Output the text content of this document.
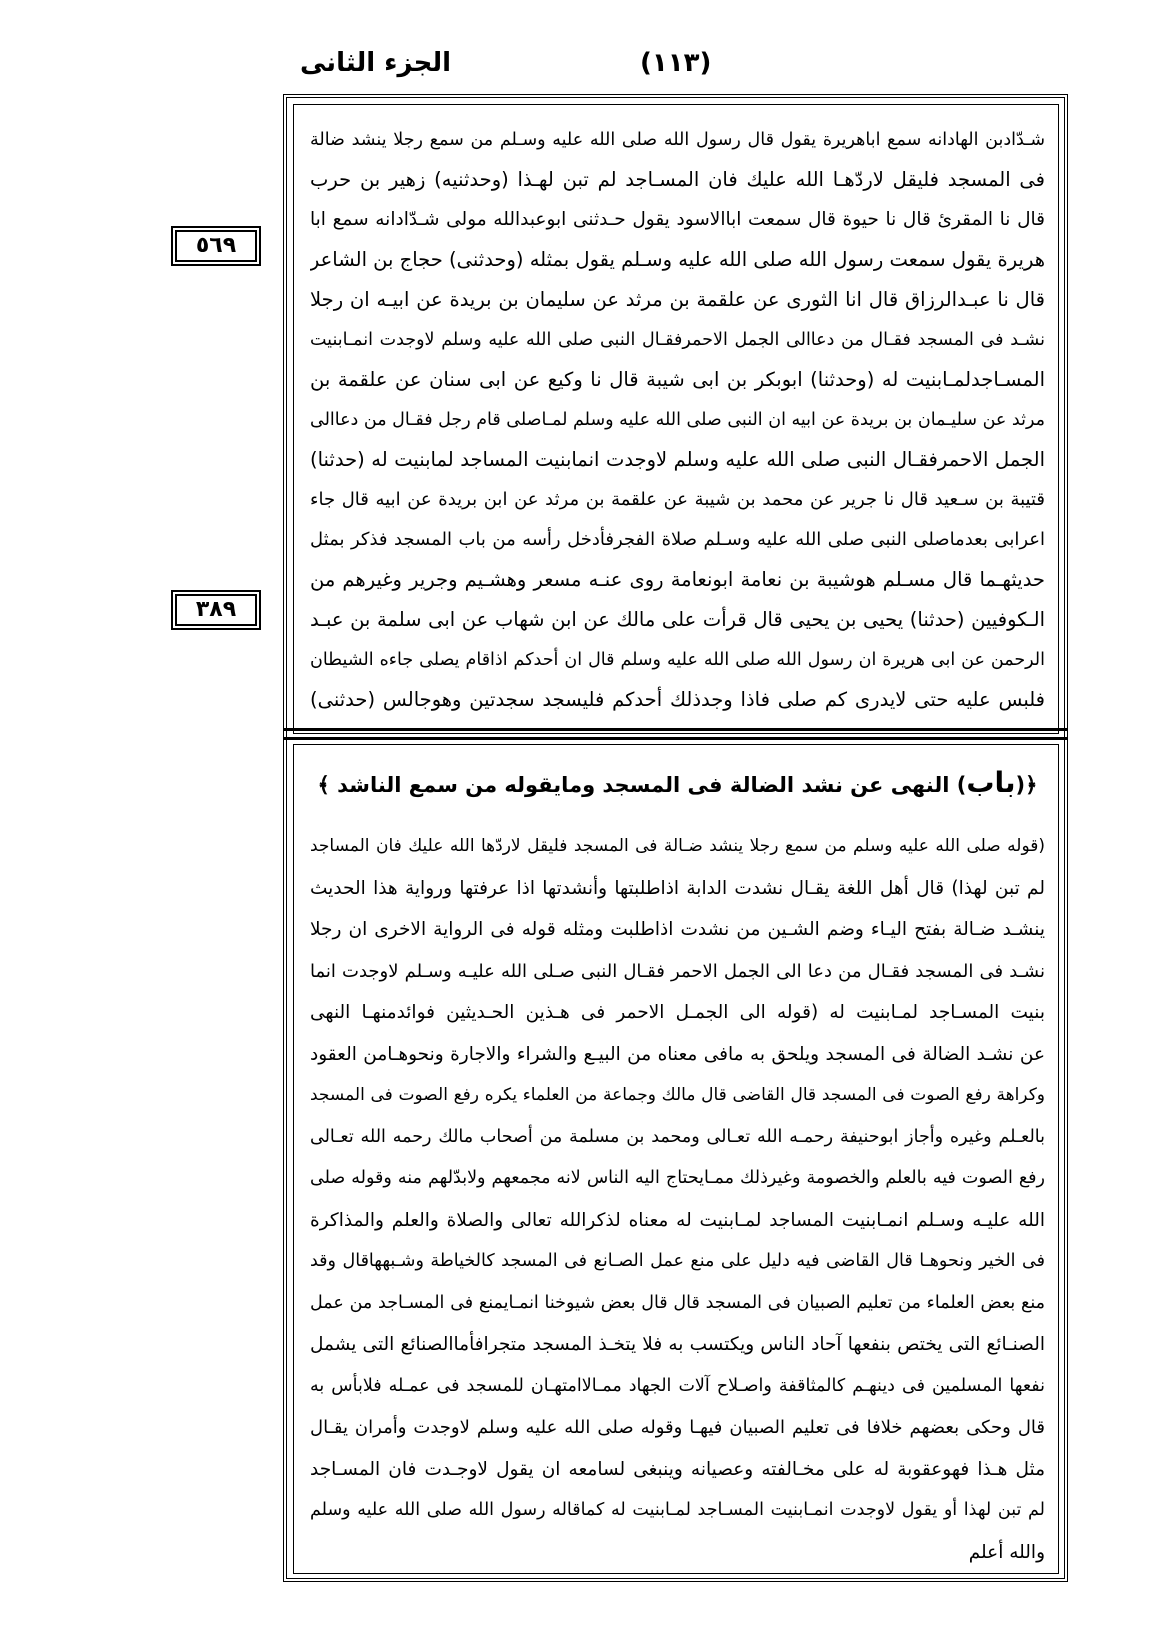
الجزء الثانی	(١١٣)
٥٦٩
٣٨٩
شـدّادبن الهادانه سمع اباهريرة يقول قال رسول الله صلى الله عليه وسـلم من سمع رجلا ينشد ضالة
فى المسجد فليقل لاردّهـا الله عليك فان المسـاجد لم تبن لهـذا (وحدثنيه) زهير بن حرب
قال نا المقرئ قال نا حيوة قال سمعت اباالاسود يقول حـدثنى ابوعبدالله مولى شـدّادانه سمع ابا
هريرة يقول سمعت رسول الله صلى الله عليه وسـلم يقول بمثله (وحدثنى) حجاج بن الشاعر
قال نا عبـدالرزاق قال انا الثورى عن علقمة بن مرثد عن سليمان بن بريدة عن ابيـه ان رجلا
نشـد فى المسجد فقـال من دعاالى الجمل الاحمرفقـال النبى صلى الله عليه وسلم لاوجدت انمـابنيت
المسـاجدلمـابنيت له (وحدثنا) ابوبكر بن ابى شيبة قال نا وكيع عن ابى سنان عن علقمة بن
مرثد عن سليـمان بن بريدة عن ابيه ان النبى صلى الله عليه وسلم لمـاصلى قام رجل فقـال من دعاالى
الجمل الاحمرفقـال النبى صلى الله عليه وسلم لاوجدت انمابنيت المساجد لمابنيت له (حدثنا)
قتيبة بن سـعيد قال نا جرير عن محمد بن شيبة عن علقمة بن مرثد عن ابن بريدة عن ابيه قال جاء
اعرابى بعدماصلى النبى صلى الله عليه وسـلم صلاة الفجرفأدخل رأسه من باب المسجد فذكر بمثل
حديثهـما قال مسـلم هوشيبة بن نعامة ابونعامة روى عنـه مسعر وهشـيم وجرير وغيرهم من
الـكوفيين (حدثنا) يحيى بن يحيى قال قرأت على مالك عن ابن شهاب عن ابى سلمة بن عبـد
الرحمن عن ابى هريرة ان رسول الله صلى الله عليه وسلم قال ان أحدكم اذاقام يصلى جاءه الشيطان
فلبس عليه حتى لايدرى كم صلى فاذا وجدذلك أحدكم فليسجد سجدتين وهوجالس (حدثنى)
﴿(باب) النهى عن نشد الضالة فى المسجد ومايقوله من سمع الناشد ﴾
(قوله صلى الله عليه وسلم من سمع رجلا ينشد ضـالة فى المسجد فليقل لاردّها الله عليك فان المساجد
لم تبن لهذا) قال أهل اللغة يقـال نشدت الدابة اذاطلبتها وأنشدتها اذا عرفتها ورواية هذا الحديث
ينشـد ضـالة بفتح اليـاء وضم الشـين من نشدت اذاطلبت ومثله قوله فى الرواية الاخرى ان رجلا
نشـد فى المسجد فقـال من دعا الى الجمل الاحمر فقـال النبى صـلى الله عليـه وسـلم لاوجدت انما
بنيت المسـاجد لمـابنيت له (قوله الى الجمـل الاحمر فى هـذين الحـديثين فوائدمنهـا النهى
عن نشـد الضالة فى المسجد ويلحق به مافى معناه من البيـع والشراء والاجارة ونحوهـامن العقود
وكراهة رفع الصوت فى المسجد قال القاضى قال مالك وجماعة من العلماء يكره رفع الصوت فى المسجد
بالعـلم وغيره وأجاز ابوحنيفة رحمـه الله تعـالى ومحمد بن مسلمة من أصحاب مالك رحمه الله تعـالى
رفع الصوت فيه بالعلم والخصومة وغيرذلك ممـايحتاج اليه الناس لانه مجمعهم ولابدّلهم منه وقوله صلى
الله عليـه وسـلم انمـابنيت المساجد لمـابنيت له معناه لذكرالله تعالى والصلاة والعلم والمذاكرة
فى الخير ونحوهـا قال القاضى فيه دليل على منع عمل الصـانع فى المسجد كالخياطة وشـبههاقال وقد
منع بعض العلماء من تعليم الصبيان فى المسجد قال قال بعض شيوخنا انمـايمنع فى المسـاجد من عمل
الصنـائع التى يختص بنفعها آحاد الناس ويكتسب به فلا يتخـذ المسجد متجرافأماالصنائع التى يشمل
نفعها المسلمين فى دينهـم كالمثاقفة واصـلاح آلات الجهاد ممـالاامتهـان للمسجد فى عمـله فلابأس به
قال وحكى بعضهم خلافا فى تعليم الصبيان فيهـا وقوله صلى الله عليه وسلم لاوجدت وأمران يقـال
مثل هـذا فهوعقوبة له على مخـالفته وعصيانه وينبغى لسامعه ان يقول لاوجـدت فان المسـاجد
لم تبن لهذا أو يقول لاوجدت انمـابنيت المسـاجد لمـابنيت له كماقاله رسول الله صلى الله عليه وسلم
والله أعلم
